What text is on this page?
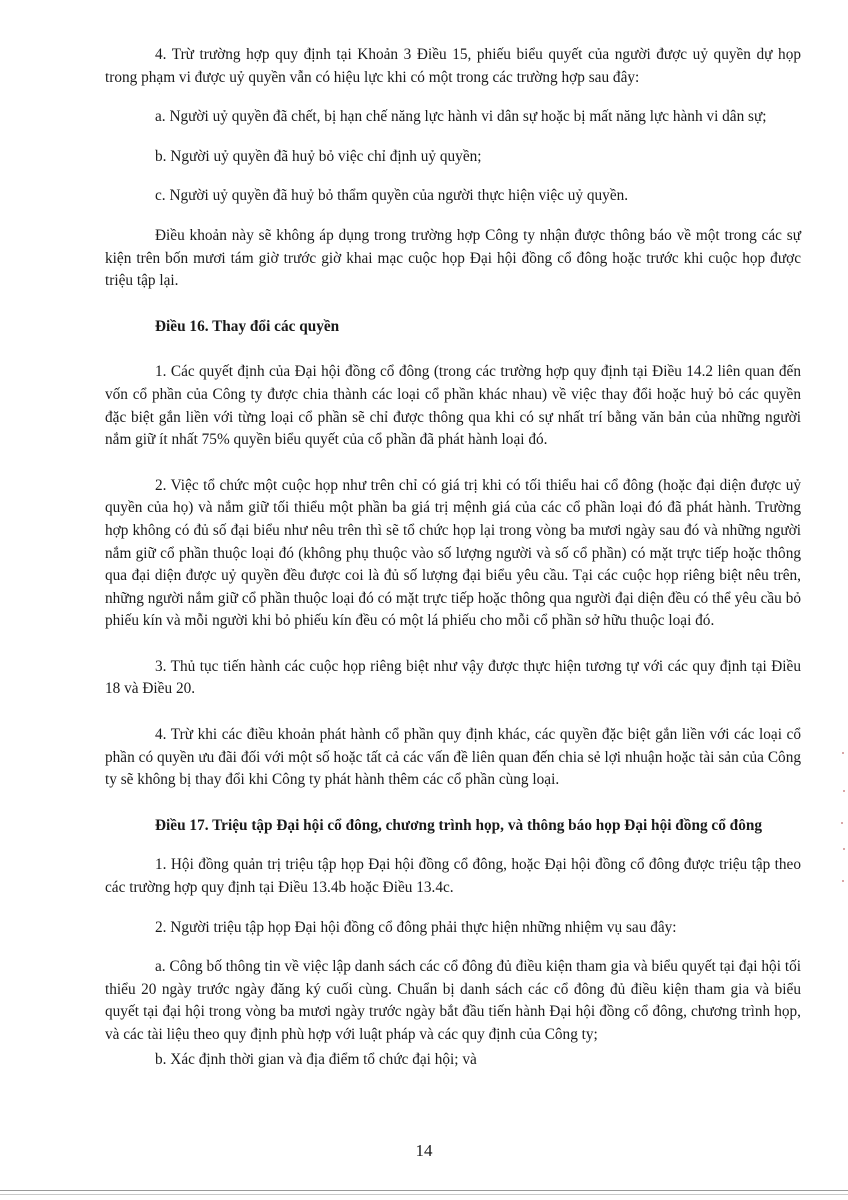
4. Trừ trường hợp quy định tại Khoản 3 Điều 15, phiếu biểu quyết của người được uỷ quyền dự họp trong phạm vi được uỷ quyền vẫn có hiệu lực khi có một trong các trường hợp sau đây:

a. Người uỷ quyền đã chết, bị hạn chế năng lực hành vi dân sự hoặc bị mất năng lực hành vi dân sự;

b. Người uỷ quyền đã huỷ bỏ việc chỉ định uỷ quyền;

c. Người uỷ quyền đã huỷ bỏ thẩm quyền của người thực hiện việc uỷ quyền.

Điều khoản này sẽ không áp dụng trong trường hợp Công ty nhận được thông báo về một trong các sự kiện trên bốn mươi tám giờ trước giờ khai mạc cuộc họp Đại hội đồng cổ đông hoặc trước khi cuộc họp được triệu tập lại.

Điều 16. Thay đổi các quyền

1. Các quyết định của Đại hội đồng cổ đông (trong các trường hợp quy định tại Điều 14.2 liên quan đến vốn cổ phần của Công ty được chia thành các loại cổ phần khác nhau) về việc thay đổi hoặc huỷ bỏ các quyền đặc biệt gắn liền với từng loại cổ phần sẽ chỉ được thông qua khi có sự nhất trí bằng văn bản của những người nắm giữ ít nhất 75% quyền biểu quyết của cổ phần đã phát hành loại đó.

2. Việc tổ chức một cuộc họp như trên chỉ có giá trị khi có tối thiểu hai cổ đông (hoặc đại diện được uỷ quyền của họ) và nắm giữ tối thiểu một phần ba giá trị mệnh giá của các cổ phần loại đó đã phát hành. Trường hợp không có đủ số đại biểu như nêu trên thì sẽ tổ chức họp lại trong vòng ba mươi ngày sau đó và những người nắm giữ cổ phần thuộc loại đó (không phụ thuộc vào số lượng người và số cổ phần) có mặt trực tiếp hoặc thông qua đại diện được uỷ quyền đều được coi là đủ số lượng đại biểu yêu cầu. Tại các cuộc họp riêng biệt nêu trên, những người nắm giữ cổ phần thuộc loại đó có mặt trực tiếp hoặc thông qua người đại diện đều có thể yêu cầu bỏ phiếu kín và mỗi người khi bỏ phiếu kín đều có một lá phiếu cho mỗi cổ phần sở hữu thuộc loại đó.

3. Thủ tục tiến hành các cuộc họp riêng biệt như vậy được thực hiện tương tự với các quy định tại Điều 18 và Điều 20.

4. Trừ khi các điều khoản phát hành cổ phần quy định khác, các quyền đặc biệt gắn liền với các loại cổ phần có quyền ưu đãi đối với một số hoặc tất cả các vấn đề liên quan đến chia sẻ lợi nhuận hoặc tài sản của Công ty sẽ không bị thay đổi khi Công ty phát hành thêm các cổ phần cùng loại.

Điều 17. Triệu tập Đại hội cổ đông, chương trình họp, và thông báo họp Đại hội đồng cổ đông

1. Hội đồng quản trị triệu tập họp Đại hội đồng cổ đông, hoặc Đại hội đồng cổ đông được triệu tập theo các trường hợp quy định tại Điều 13.4b hoặc Điều 13.4c.

2. Người triệu tập họp Đại hội đồng cổ đông phải thực hiện những nhiệm vụ sau đây:

a. Công bố thông tin về việc lập danh sách các cổ đông đủ điều kiện tham gia và biểu quyết tại đại hội tối thiểu 20 ngày trước ngày đăng ký cuối cùng. Chuẩn bị danh sách các cổ đông đủ điều kiện tham gia và biểu quyết tại đại hội trong vòng ba mươi ngày trước ngày bắt đầu tiến hành Đại hội đồng cổ đông, chương trình họp, và các tài liệu theo quy định phù hợp với luật pháp và các quy định của Công ty;

b. Xác định thời gian và địa điểm tổ chức đại hội; và

14
